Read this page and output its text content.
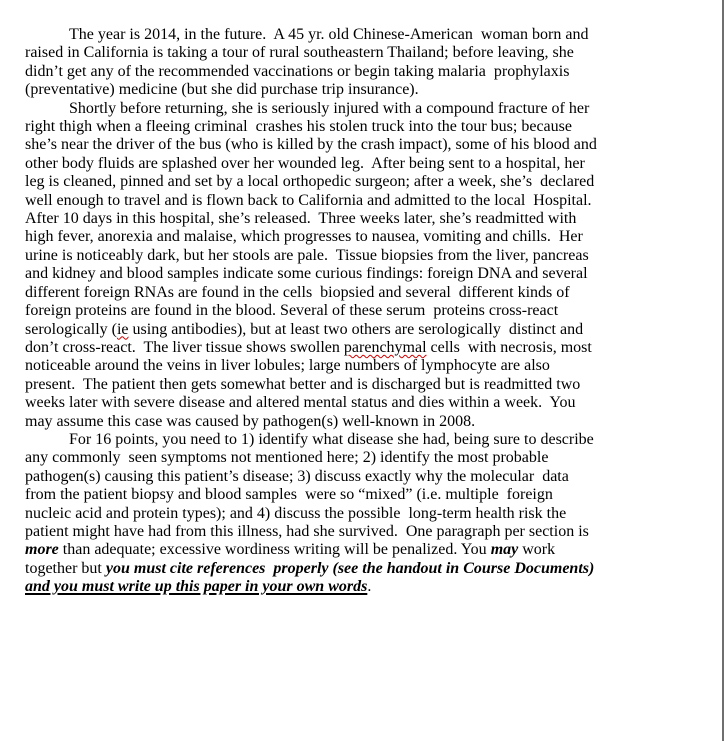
The year is 2014, in the future.  A 45 yr. old Chinese-American  woman born and raised in California is taking a tour of rural southeastern Thailand; before leaving, she didn’t get any of the recommended vaccinations or begin taking malaria  prophylaxis (preventative) medicine (but she did purchase trip insurance).

Shortly before returning, she is seriously injured with a compound fracture of her right thigh when a fleeing criminal  crashes his stolen truck into the tour bus; because she’s near the driver of the bus (who is killed by the crash impact), some of his blood and other body fluids are splashed over her wounded leg.  After being sent to a hospital, her leg is cleaned, pinned and set by a local orthopedic surgeon; after a week, she’s  declared well enough to travel and is flown back to California and admitted to the local  Hospital. After 10 days in this hospital, she’s released.  Three weeks later, she’s readmitted with high fever, anorexia and malaise, which progresses to nausea, vomiting and chills.  Her urine is noticeably dark, but her stools are pale.  Tissue biopsies from the liver, pancreas and kidney and blood samples indicate some curious findings: foreign DNA and several different foreign RNAs are found in the cells  biopsied and several  different kinds of foreign proteins are found in the blood. Several of these serum  proteins cross-react serologically (ie using antibodies), but at least two others are serologically  distinct and don’t cross-react.  The liver tissue shows swollen parenchymal cells  with necrosis, most noticeable around the veins in liver lobules; large numbers of lymphocyte are also present.  The patient then gets somewhat better and is discharged but is readmitted two weeks later with severe disease and altered mental status and dies within a week.  You may assume this case was caused by pathogen(s) well-known in 2008.

For 16 points, you need to 1) identify what disease she had, being sure to describe any commonly  seen symptoms not mentioned here; 2) identify the most probable pathogen(s) causing this patient’s disease; 3) discuss exactly why the molecular  data from the patient biopsy and blood samples  were so “mixed” (i.e. multiple  foreign nucleic acid and protein types); and 4) discuss the possible  long-term health risk the patient might have had from this illness, had she survived.  One paragraph per section is more than adequate; excessive wordiness writing will be penalized. You may work together but you must cite references  properly (see the handout in Course Documents) and you must write up this paper in your own words.
